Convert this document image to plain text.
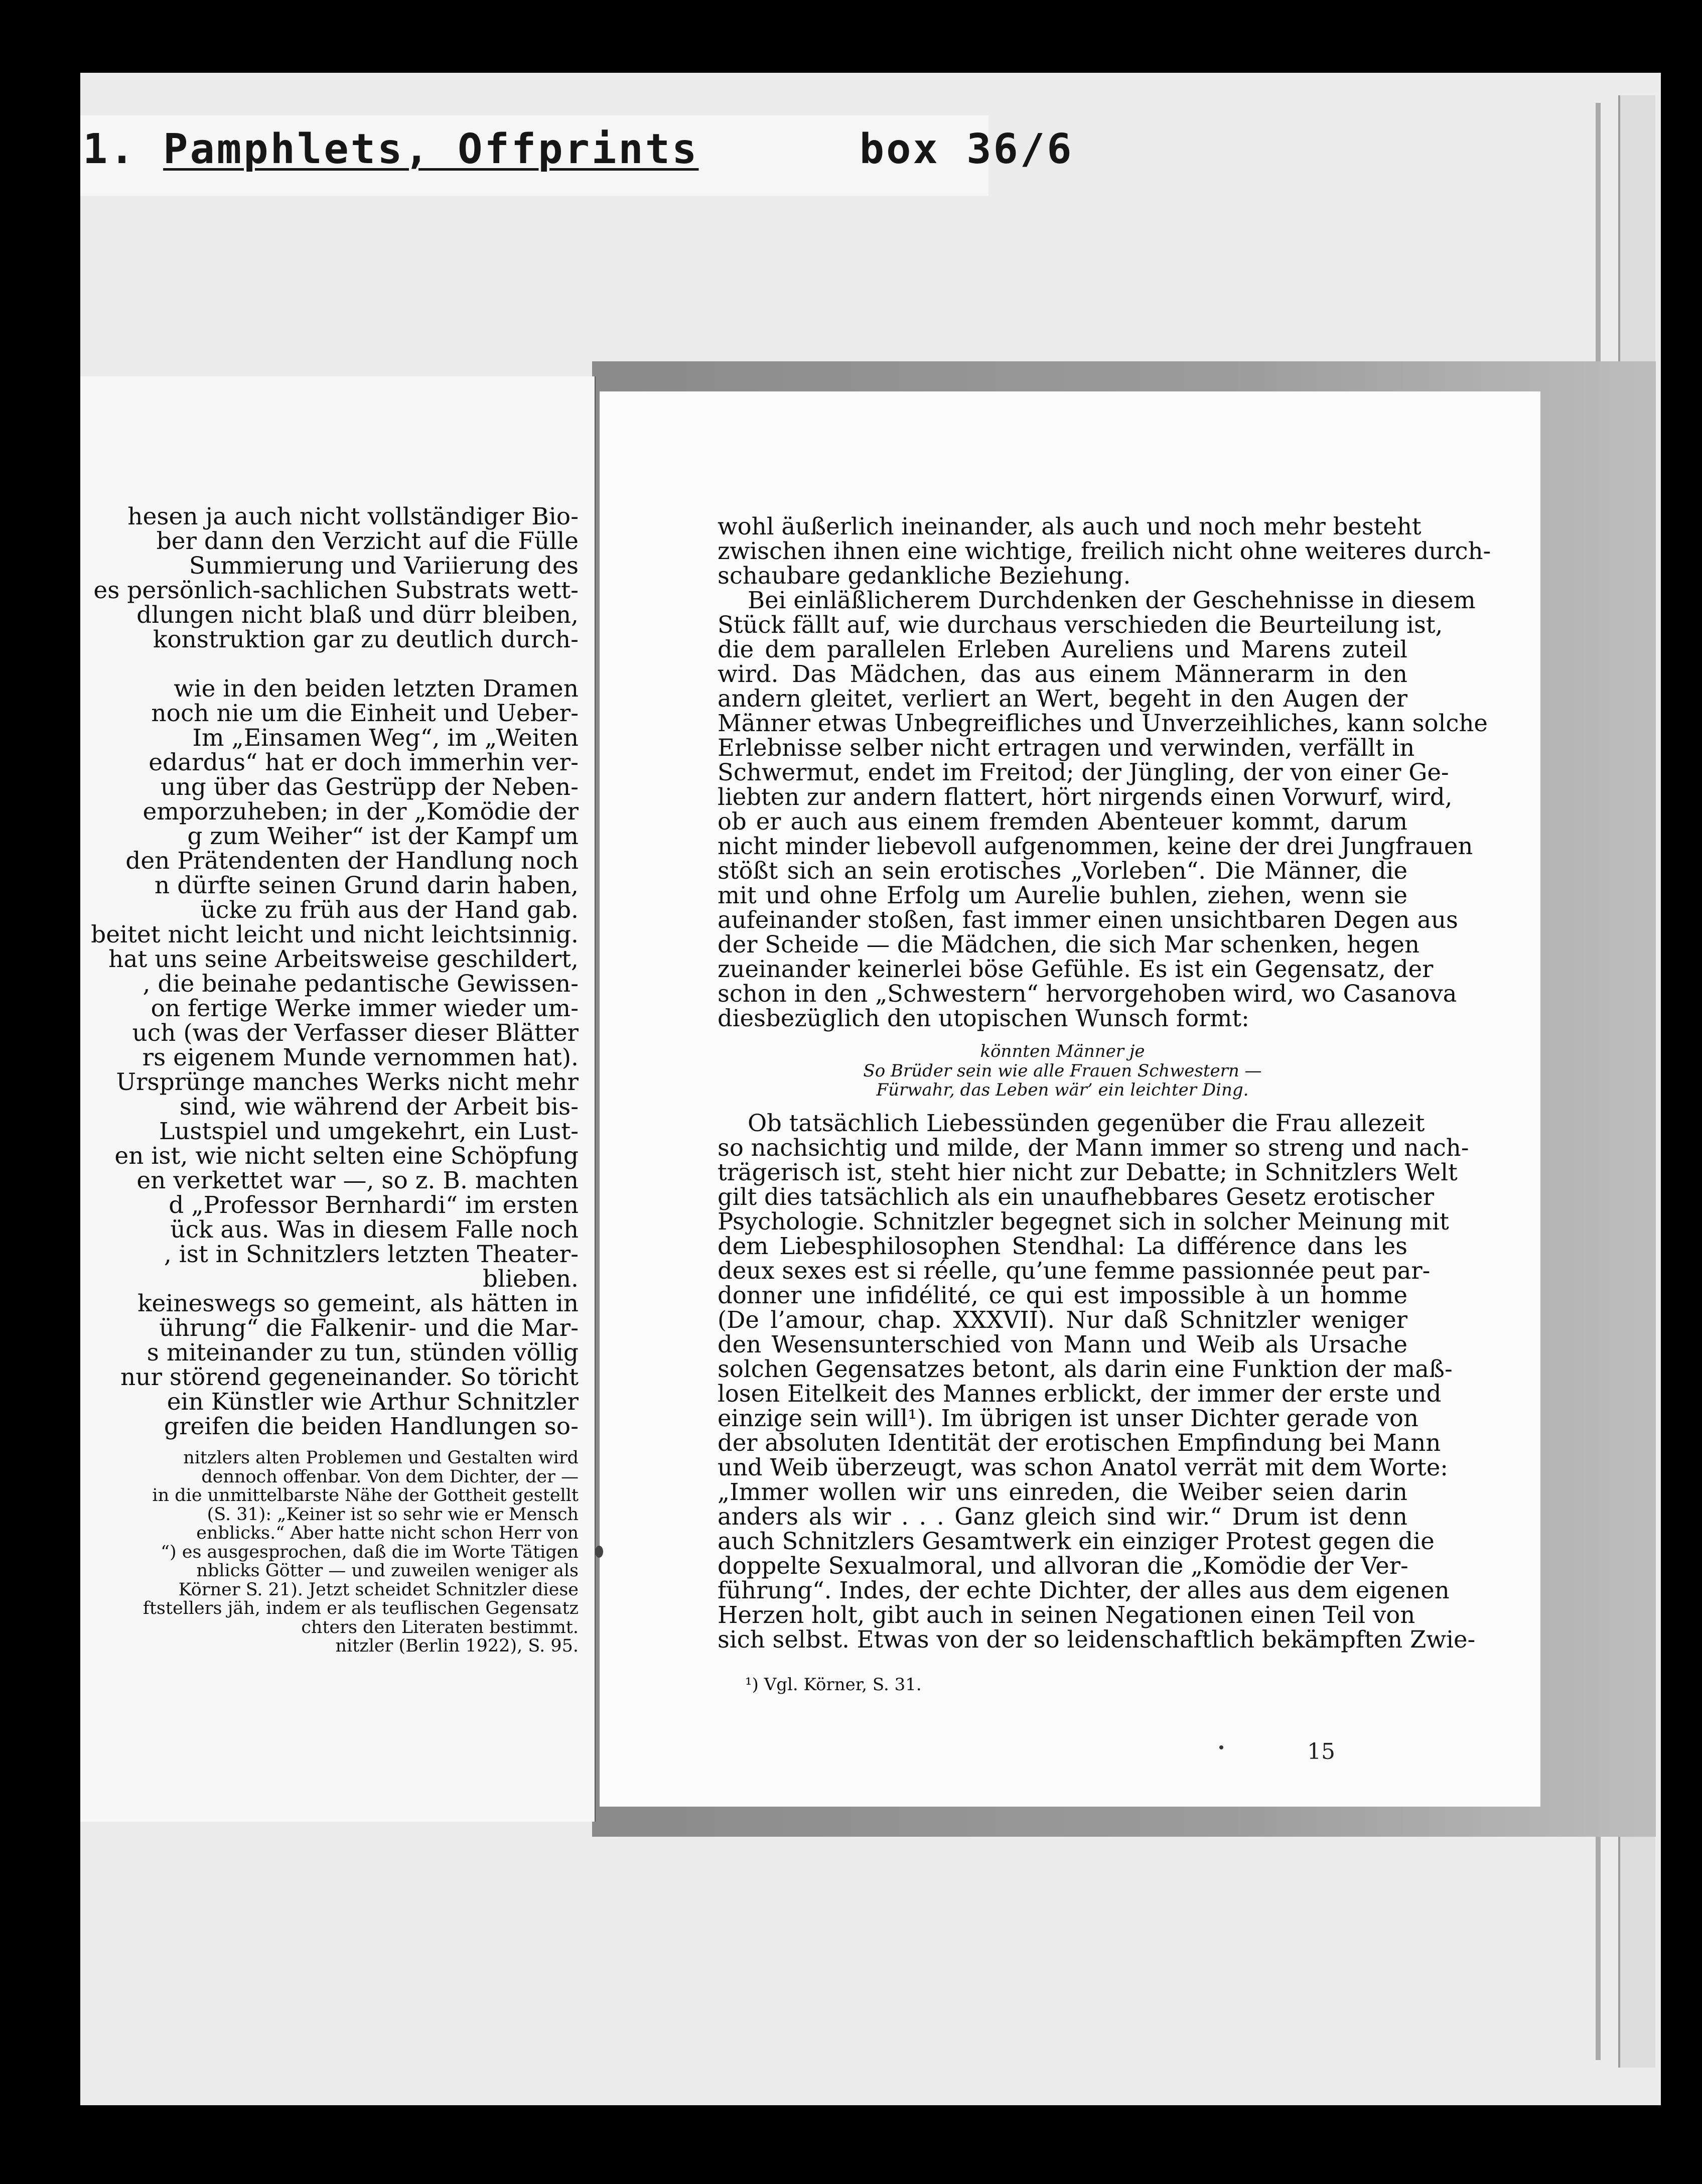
1. Pamphlets, Offprints	box 36/6
hesen ja auch nicht vollständiger Bio-
ber dann den Verzicht auf die Fülle
Summierung und Variierung des
es persönlich-sachlichen Substrats wett-
dlungen nicht blaß und dürr bleiben,
konstruktion gar zu deutlich durch-
wie in den beiden letzten Dramen
noch nie um die Einheit und Ueber-
Im „Einsamen Weg“, im „Weiten
edardus“ hat er doch immerhin ver-
ung über das Gestrüpp der Neben-
emporzuheben; in der „Komödie der
g zum Weiher“ ist der Kampf um
den Prätendenten der Handlung noch
n dürfte seinen Grund darin haben,
ücke zu früh aus der Hand gab.
beitet nicht leicht und nicht leichtsinnig.
hat uns seine Arbeitsweise geschildert,
, die beinahe pedantische Gewissen-
on fertige Werke immer wieder um-
uch (was der Verfasser dieser Blätter
rs eigenem Munde vernommen hat).
Ursprünge manches Werks nicht mehr
sind, wie während der Arbeit bis-
Lustspiel und umgekehrt, ein Lust-
en ist, wie nicht selten eine Schöpfung
en verkettet war —, so z. B. machten
d „Professor Bernhardi“ im ersten
ück aus. Was in diesem Falle noch
, ist in Schnitzlers letzten Theater-
blieben.
keineswegs so gemeint, als hätten in
ührung“ die Falkenir- und die Mar-
s miteinander zu tun, stünden völlig
nur störend gegeneinander. So töricht
ein Künstler wie Arthur Schnitzler
greifen die beiden Handlungen so-
nitzlers alten Problemen und Gestalten wird
dennoch offenbar. Von dem Dichter, der —
in die unmittelbarste Nähe der Gottheit gestellt
(S. 31): „Keiner ist so sehr wie er Mensch
enblicks.“ Aber hatte nicht schon Herr von
“) es ausgesprochen, daß die im Worte Tätigen
nblicks Götter — und zuweilen weniger als
Körner S. 21). Jetzt scheidet Schnitzler diese
ftstellers jäh, indem er als teuflischen Gegensatz
chters den Literaten bestimmt.
nitzler (Berlin 1922), S. 95.
wohl äußerlich ineinander, als auch und noch mehr besteht
zwischen ihnen eine wichtige, freilich nicht ohne weiteres durch-
schaubare gedankliche Beziehung.
Bei einläßlicherem Durchdenken der Geschehnisse in diesem
Stück fällt auf, wie durchaus verschieden die Beurteilung ist,
die dem parallelen Erleben Aureliens und Marens zuteil
wird. Das Mädchen, das aus einem Männerarm in den
andern gleitet, verliert an Wert, begeht in den Augen der
Männer etwas Unbegreifliches und Unverzeihliches, kann solche
Erlebnisse selber nicht ertragen und verwinden, verfällt in
Schwermut, endet im Freitod; der Jüngling, der von einer Ge-
liebten zur andern flattert, hört nirgends einen Vorwurf, wird,
ob er auch aus einem fremden Abenteuer kommt, darum
nicht minder liebevoll aufgenommen, keine der drei Jungfrauen
stößt sich an sein erotisches „Vorleben“. Die Männer, die
mit und ohne Erfolg um Aurelie buhlen, ziehen, wenn sie
aufeinander stoßen, fast immer einen unsichtbaren Degen aus
der Scheide — die Mädchen, die sich Mar schenken, hegen
zueinander keinerlei böse Gefühle. Es ist ein Gegensatz, der
schon in den „Schwestern“ hervorgehoben wird, wo Casanova
diesbezüglich den utopischen Wunsch formt:
könnten Männer je
So Brüder sein wie alle Frauen Schwestern —
Fürwahr, das Leben wär’ ein leichter Ding.
Ob tatsächlich Liebessünden gegenüber die Frau allezeit
so nachsichtig und milde, der Mann immer so streng und nach-
trägerisch ist, steht hier nicht zur Debatte; in Schnitzlers Welt
gilt dies tatsächlich als ein unaufhebbares Gesetz erotischer
Psychologie. Schnitzler begegnet sich in solcher Meinung mit
dem Liebesphilosophen Stendhal: La différence dans les
deux sexes est si réelle, qu’une femme passionnée peut par-
donner une infidélité, ce qui est impossible à un homme
(De l’amour, chap. XXXVII). Nur daß Schnitzler weniger
den Wesensunterschied von Mann und Weib als Ursache
solchen Gegensatzes betont, als darin eine Funktion der maß-
losen Eitelkeit des Mannes erblickt, der immer der erste und
einzige sein will¹). Im übrigen ist unser Dichter gerade von
der absoluten Identität der erotischen Empfindung bei Mann
und Weib überzeugt, was schon Anatol verrät mit dem Worte:
„Immer wollen wir uns einreden, die Weiber seien darin
anders als wir . . . Ganz gleich sind wir.“ Drum ist denn
auch Schnitzlers Gesamtwerk ein einziger Protest gegen die
doppelte Sexualmoral, und allvoran die „Komödie der Ver-
führung“. Indes, der echte Dichter, der alles aus dem eigenen
Herzen holt, gibt auch in seinen Negationen einen Teil von
sich selbst. Etwas von der so leidenschaftlich bekämpften Zwie-
¹) Vgl. Körner, S. 31.
15
